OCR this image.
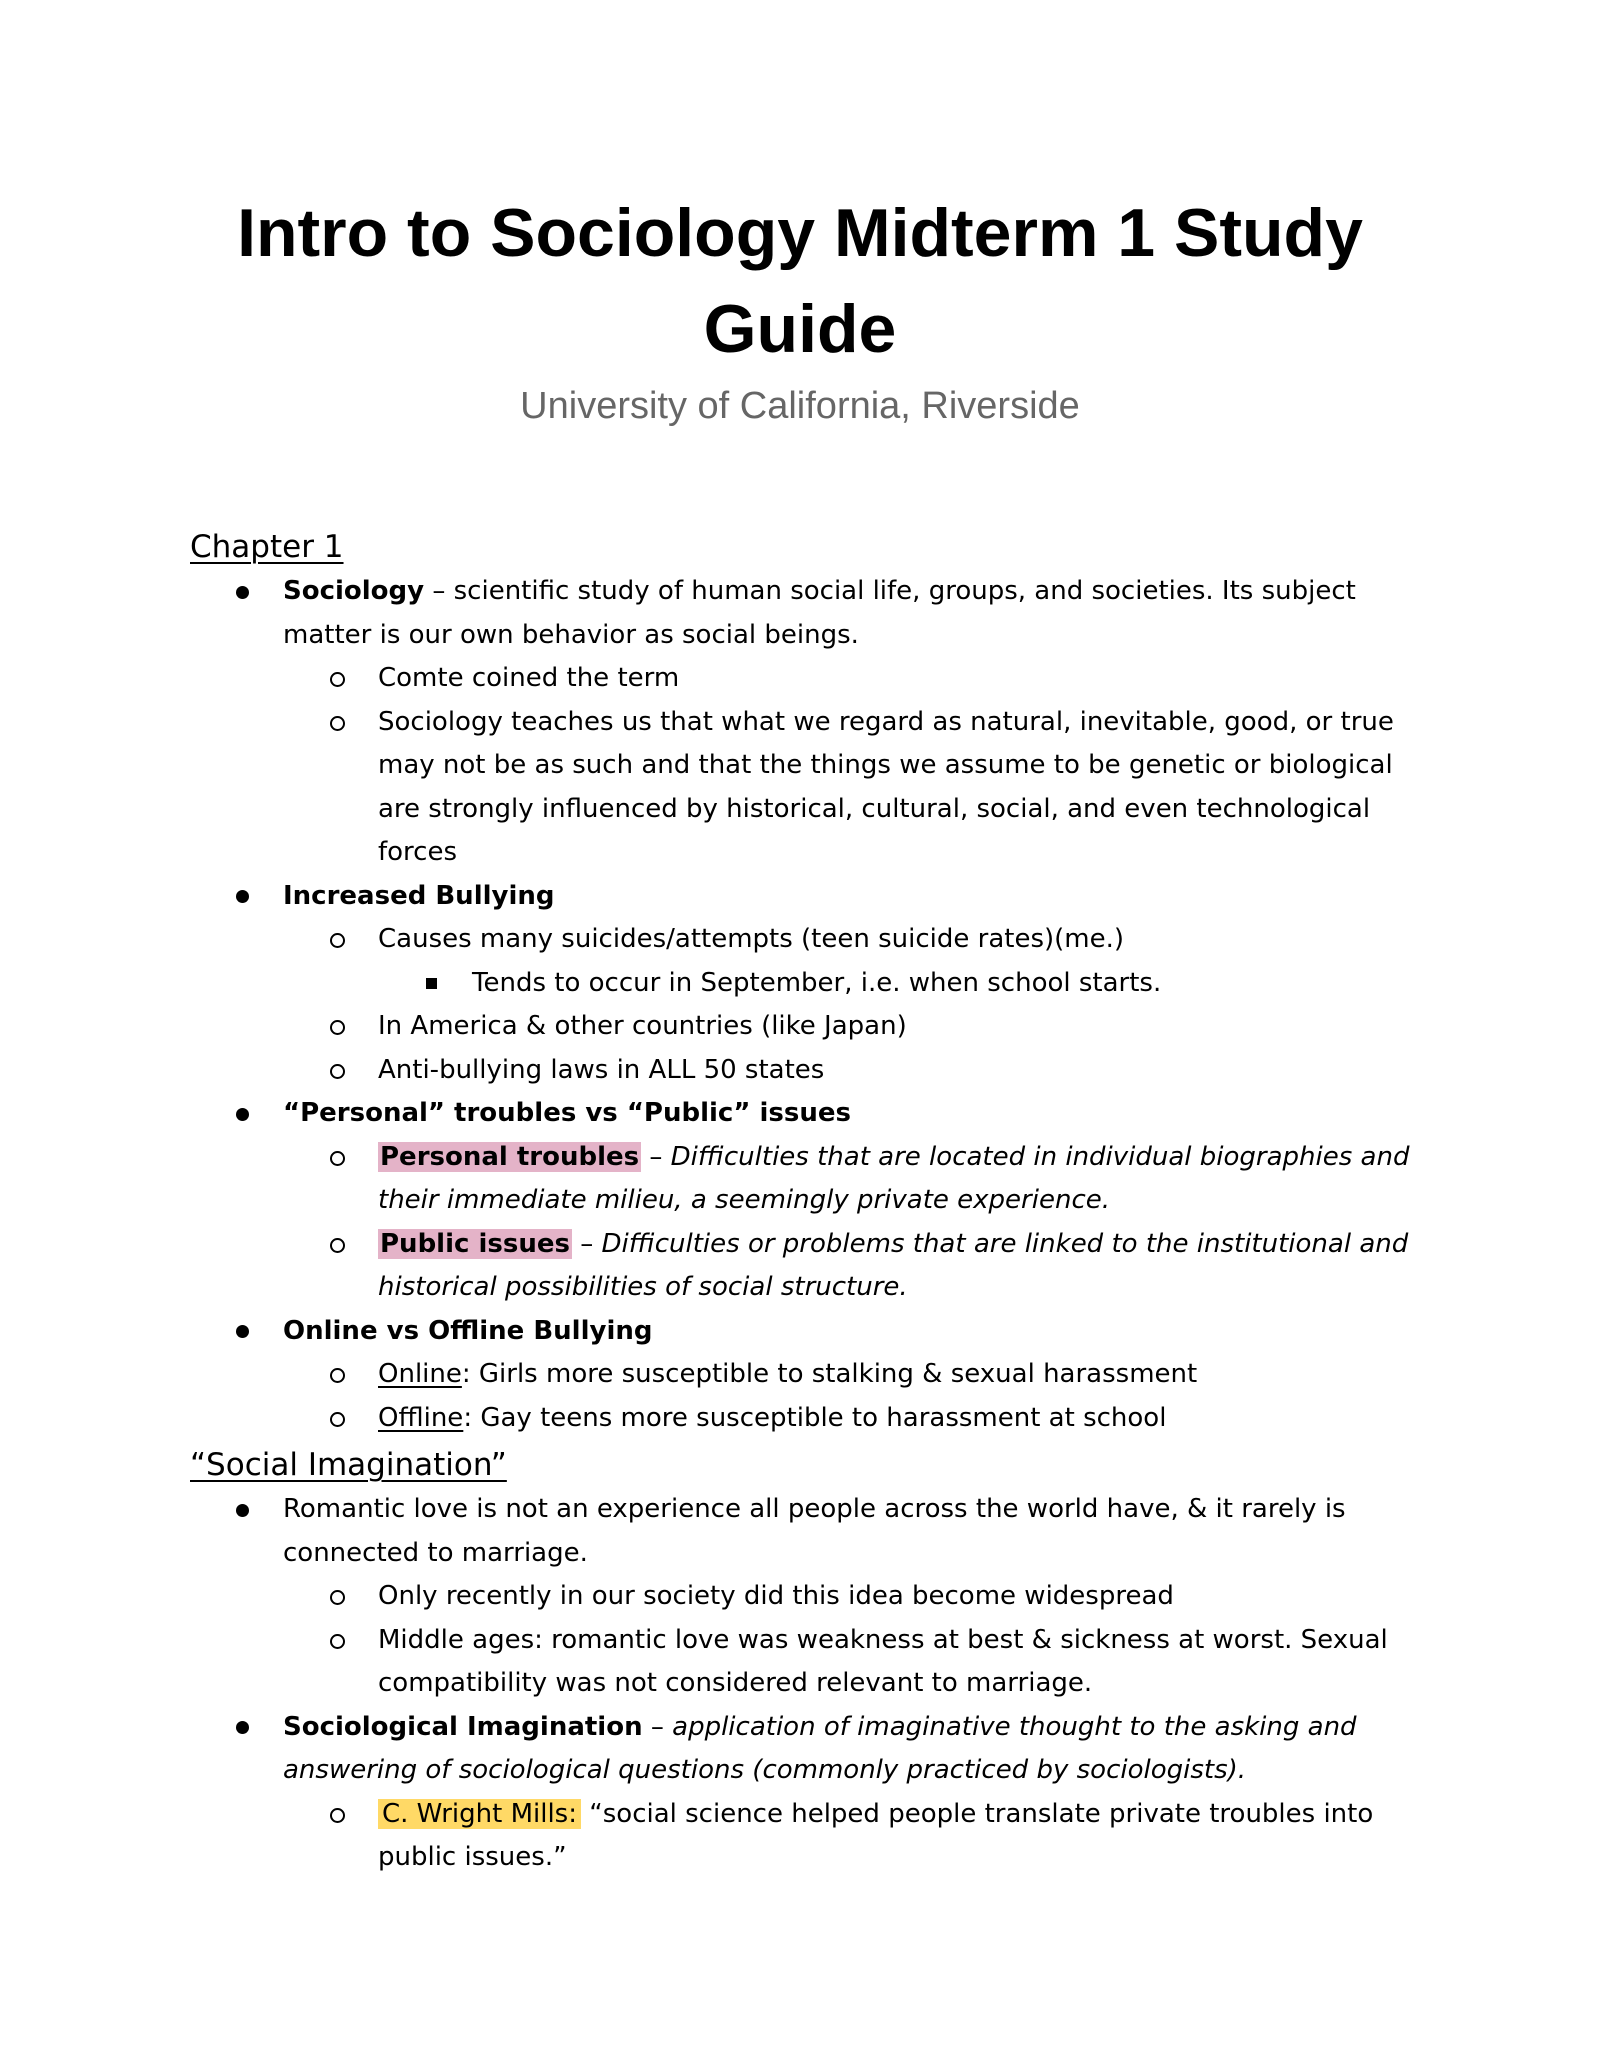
Intro to Sociology Midterm 1 Study Guide
University of California, Riverside
Chapter 1
Sociology – scientific study of human social life, groups, and societies. Its subject matter is our own behavior as social beings.
Comte coined the term
Sociology teaches us that what we regard as natural, inevitable, good, or true may not be as such and that the things we assume to be genetic or biological are strongly influenced by historical, cultural, social, and even technological forces
Increased Bullying
Causes many suicides/attempts (teen suicide rates)(me.)
Tends to occur in September, i.e. when school starts.
In America & other countries (like Japan)
Anti-bullying laws in ALL 50 states
“Personal” troubles vs “Public” issues
Personal troubles – Difficulties that are located in individual biographies and their immediate milieu, a seemingly private experience.
Public issues – Difficulties or problems that are linked to the institutional and historical possibilities of social structure.
Online vs Offline Bullying
Online: Girls more susceptible to stalking & sexual harassment
Offline: Gay teens more susceptible to harassment at school
“Social Imagination”
Romantic love is not an experience all people across the world have, & it rarely is connected to marriage.
Only recently in our society did this idea become widespread
Middle ages: romantic love was weakness at best & sickness at worst. Sexual compatibility was not considered relevant to marriage.
Sociological Imagination – application of imaginative thought to the asking and answering of sociological questions (commonly practiced by sociologists).
C. Wright Mills: “social science helped people translate private troubles into public issues.”
